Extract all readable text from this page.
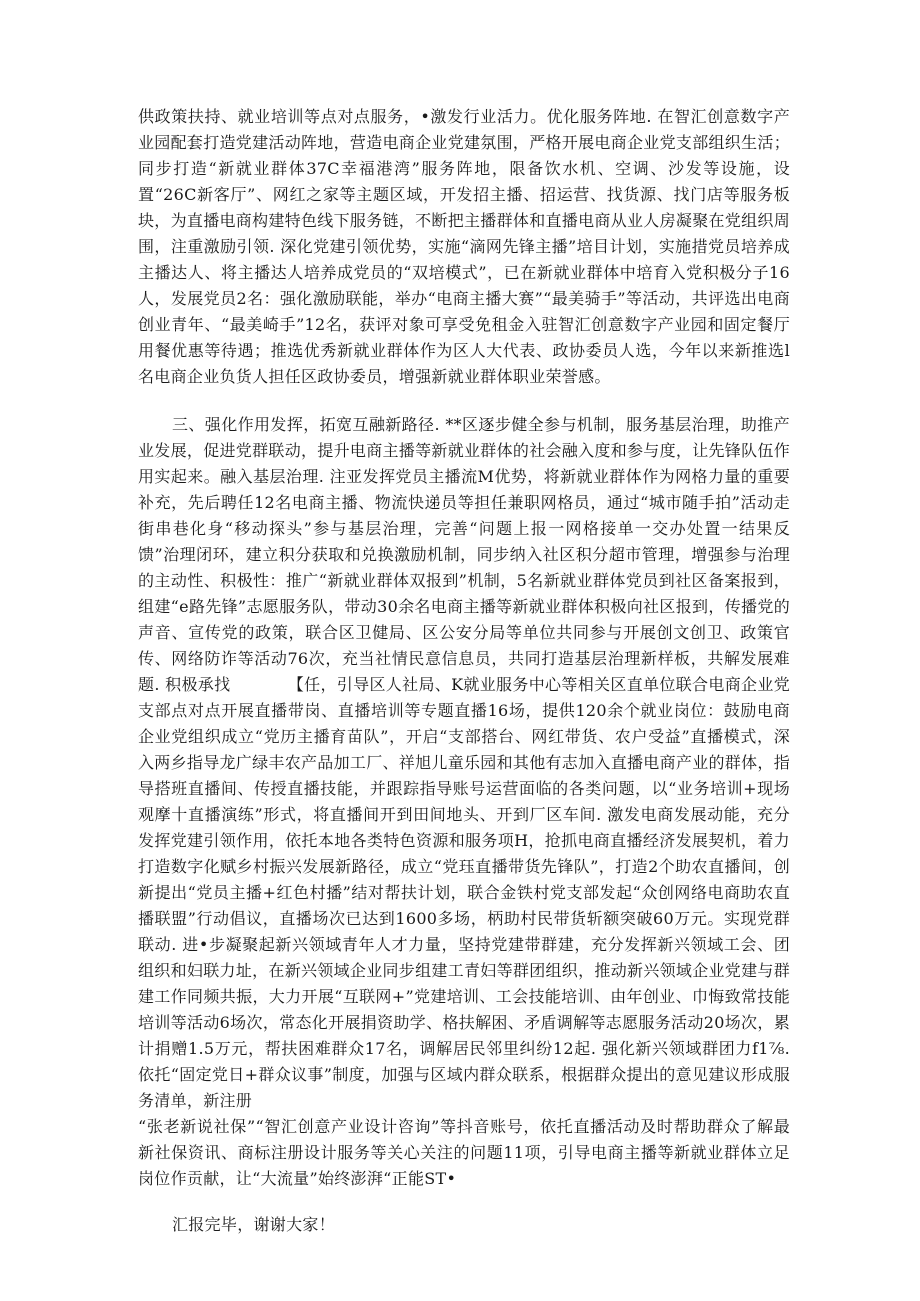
供政策扶持、就业培训等点对点服务，•激发行业活力。优化服务阵地. 在智汇创意数字产业园配套打造党建活动阵地，营造电商企业党建氛围，严格开展电商企业党支部组织生活；同步打造“新就业群体37C幸福港湾”服务阵地，限备饮水机、空调、沙发等设施，设置“26C新客厅”、网红之家等主题区域，开发招主播、招运营、找货源、找门店等服务板块，为直播电商构建特色线下服务链，不断把主播群体和直播电商从业人房凝聚在党组织周围，注重激励引领. 深化党建引领优势，实施“滴网先锋主播”培目计划，实施措党员培养成主播达人、将主播达人培养成党员的“双培模式”，已在新就业群体中培育入党积极分子16人，发展党员2名：强化激励联能，举办“电商主播大赛”“最美骑手”等活动，共评选出电商创业青年、“最美崎手”12名，获评对象可享受免租金入驻智汇创意数字产业园和固定餐厅用餐优惠等待遇；推选优秀新就业群体作为区人大代表、政协委员人选，今年以来新推选l名电商企业负货人担任区政协委员，增强新就业群体职业荣誉感。

三、强化作用发挥，拓宽互融新路径. **区逐步健全参与机制，服务基层治理，助推产业发展，促进党群联动，提升电商主播等新就业群体的社会融入度和参与度，让先锋队伍作用实起来。融入基层治理. 注亚发挥党员主播流M优势，将新就业群体作为网格力量的重要补充，先后聘任12名电商主播、物流快递员等担任兼职网格员，通过“城市随手拍”活动走街串巷化身“移动探头”参与基层治理，完善“问题上报一网格接单一交办处置一结果反馈”治理闭环，建立积分获取和兑换激励机制，同步纳入社区积分超市管理，增强参与治理的主动性、积极性：推广“新就业群体双报到”机制，5名新就业群体党员到社区备案报到，组建“e路先锋”志愿服务队，带动30余名电商主播等新就业群体积极向社区报到，传播党的声音、宣传党的政策，联合区卫健局、区公安分局等单位共同参与开展创文创卫、政策官传、网络防诈等活动76次，充当社情民意信息员，共同打造基层治理新样板，共解发展难题. 积极承找　　　　【任，引导区人社局、K就业服务中心等相关区直单位联合电商企业党支部点对点开展直播带岗、直播培训等专题直播16场，提供120余个就业岗位：鼓励电商企业党组织成立“党历主播育苗队”，开启“支部搭台、网红带货、农户受益”直播模式，深入两乡指导龙广绿丰农产品加工厂、祥旭儿童乐园和其他有志加入直播电商产业的群体，指导搭班直播间、传授直播技能，并跟踪指导账号运营面临的各类问题，以“业务培训+现场观摩十直播演练”形式，将直播间开到田间地头、开到厂区车间. 激发电商发展动能，充分发挥党建引领作用，依托本地各类特色资源和服务项H，抢抓电商直播经济发展契机，着力打造数字化赋乡村振兴发展新路径，成立“党珏直播带货先锋队”，打造2个助农直播间，创新提出“党员主播+红色村播”结对帮扶计划，联合金铁村党支部发起“众创网络电商助农直播联盟”行动倡议，直播场次已达到1600多场，柄助村民带货斩额突破60万元。实现党群联动. 进•步凝聚起新兴领域青年人才力量，坚持党建带群建，充分发挥新兴领域工会、团组织和妇联力址，在新兴领域企业同步组建工青妇等群团组织，推动新兴领域企业党建与群建工作同频共振，大力开展“互联网+”党建培训、工会技能培训、由年创业、巾悔致常技能培训等活动6场次，常态化开展捐资助学、格扶解困、矛盾调解等志愿服务活动20场次，累计捐赠1.5万元，帮扶困难群众17名，调解居民邻里纠纷12起. 强化新兴领域群团力f1⅞. 依托“固定党日+群众议事”制度，加强与区域内群众联系，根据群众提出的意见建议形成服务清单，新注册

“张老新说社保”“智汇创意产业设计咨询”等抖音账号，依托直播活动及时帮助群众了解最新社保资讯、商标注册设计服务等关心关注的问题11项，引导电商主播等新就业群体立足岗位作贡献，让“大流量”始终澎湃“正能ST•

汇报完毕，谢谢大家！
